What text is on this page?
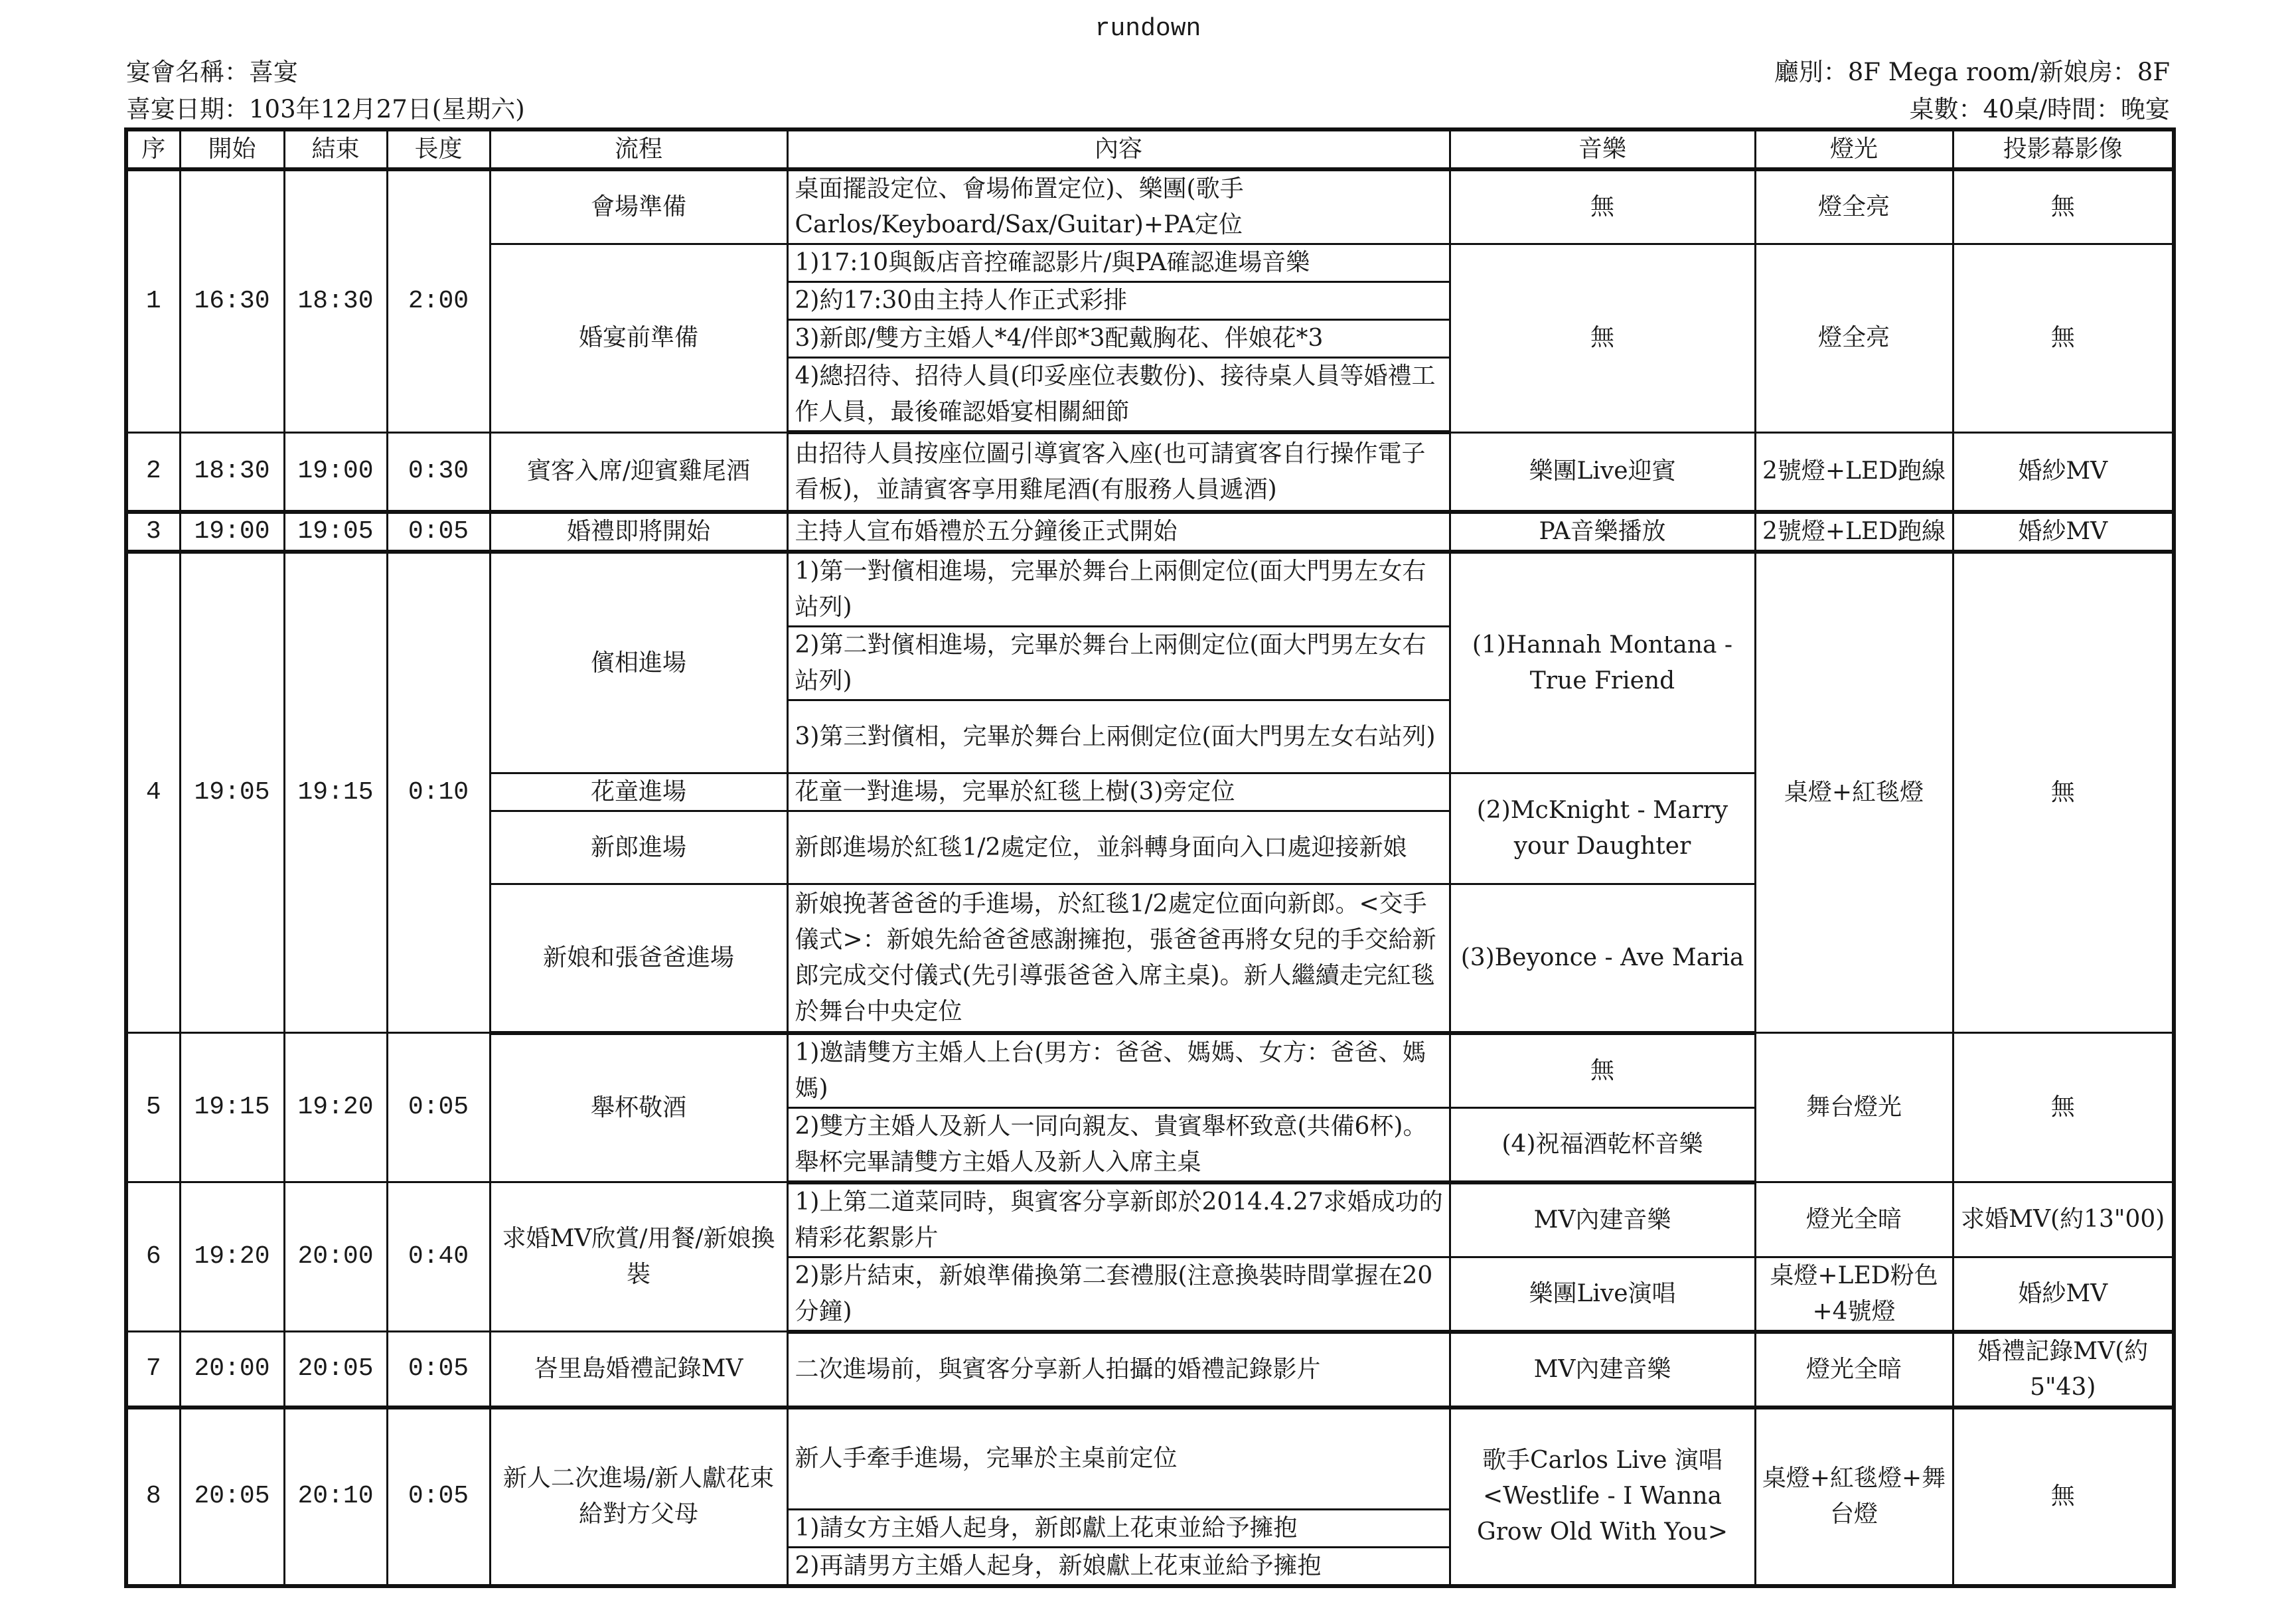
rundown
宴會名稱：喜宴
喜宴日期：103年12月27日(星期六)
廳別：8F Mega room/新娘房：8F
桌數：40桌/時間：晚宴
序	開始	結束	長度	流程	內容	音樂	燈光	投影幕影像
1	16:30	18:30	2:00	會場準備	桌面擺設定位、會場佈置定位)、樂團(歌手Carlos/Keyboard/Sax/Guitar)+PA定位	無	燈全亮	無
				婚宴前準備	1)17:10與飯店音控確認影片/與PA確認進場音樂	無	燈全亮	無
					2)約17:30由主持人作正式彩排			
					3)新郎/雙方主婚人*4/伴郎*3配戴胸花、伴娘花*3			
					4)總招待、招待人員(印妥座位表數份)、接待桌人員等婚禮工作人員，最後確認婚宴相關細節			
2	18:30	19:00	0:30	賓客入席/迎賓雞尾酒	由招待人員按座位圖引導賓客入座(也可請賓客自行操作電子看板)，並請賓客享用雞尾酒(有服務人員遞酒)	樂團Live迎賓	2號燈+LED跑線	婚紗MV
3	19:00	19:05	0:05	婚禮即將開始	主持人宣布婚禮於五分鐘後正式開始	PA音樂播放	2號燈+LED跑線	婚紗MV
4	19:05	19:15	0:10	儐相進場	1)第一對儐相進場，完畢於舞台上兩側定位(面大門男左女右站列)	(1)Hannah Montana - True Friend	桌燈+紅毯燈	無
					2)第二對儐相進場，完畢於舞台上兩側定位(面大門男左女右站列)			
					3)第三對儐相，完畢於舞台上兩側定位(面大門男左女右站列)			
				花童進場	花童一對進場，完畢於紅毯上樹(3)旁定位	(2)McKnight - Marry your Daughter		
				新郎進場	新郎進場於紅毯1/2處定位，並斜轉身面向入口處迎接新娘			
				新娘和張爸爸進場	新娘挽著爸爸的手進場，於紅毯1/2處定位面向新郎。<交手儀式>：新娘先給爸爸感謝擁抱，張爸爸再將女兒的手交給新郎完成交付儀式(先引導張爸爸入席主桌)。新人繼續走完紅毯於舞台中央定位	(3)Beyonce - Ave Maria		
5	19:15	19:20	0:05	舉杯敬酒	1)邀請雙方主婚人上台(男方：爸爸、媽媽、女方：爸爸、媽媽)	無	舞台燈光	無
					2)雙方主婚人及新人一同向親友、貴賓舉杯致意(共備6杯)。舉杯完畢請雙方主婚人及新人入席主桌	(4)祝福酒乾杯音樂		
6	19:20	20:00	0:40	求婚MV欣賞/用餐/新娘換裝	1)上第二道菜同時，與賓客分享新郎於2014.4.27求婚成功的精彩花絮影片	MV內建音樂	燈光全暗	求婚MV(約13"00)
					2)影片結束，新娘準備換第二套禮服(注意換裝時間掌握在20分鐘)	樂團Live演唱	桌燈+LED粉色+4號燈	婚紗MV
7	20:00	20:05	0:05	峇里島婚禮記錄MV	二次進場前，與賓客分享新人拍攝的婚禮記錄影片	MV內建音樂	燈光全暗	婚禮記錄MV(約5"43)
8	20:05	20:10	0:05	新人二次進場/新人獻花束給對方父母	新人手牽手進場，完畢於主桌前定位	歌手Carlos Live 演唱<Westlife - I Wanna Grow Old With You>	桌燈+紅毯燈+舞台燈	無
					1)請女方主婚人起身，新郎獻上花束並給予擁抱			
					2)再請男方主婚人起身，新娘獻上花束並給予擁抱			
